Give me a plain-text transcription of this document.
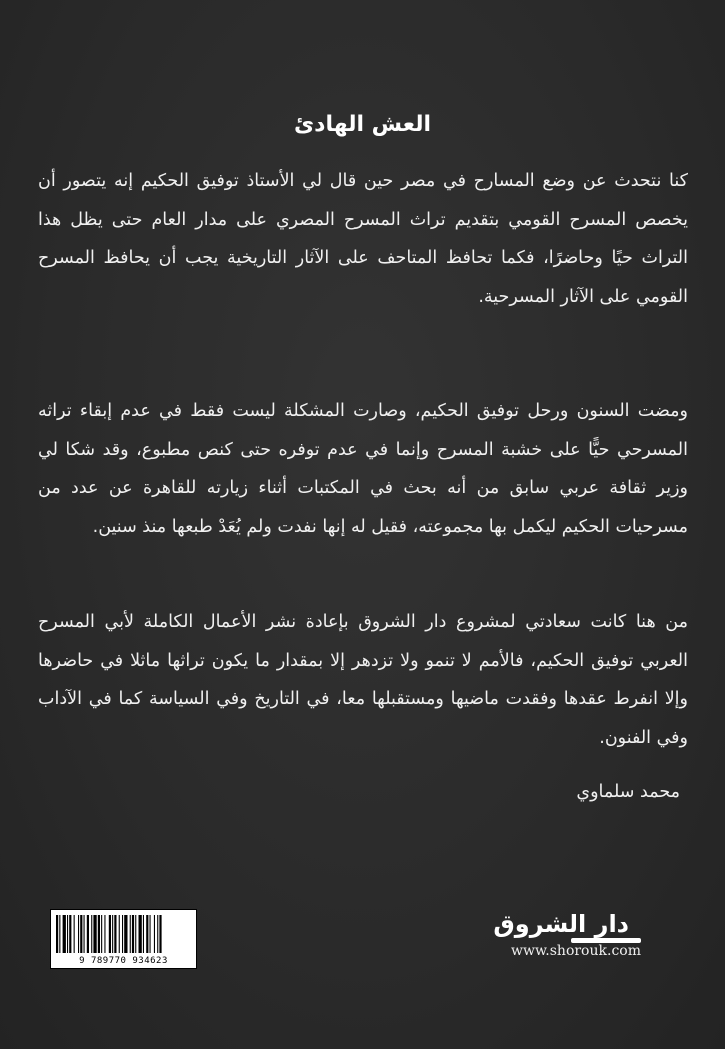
العش الهادئ
كنا نتحدث عن وضع المسارح في مصر حين قال لي الأستاذ توفيق الحكيم إنه يتصور أن يخصص المسرح القومي بتقديم تراث المسرح المصري على مدار العام حتى يظل هذا التراث حيًا وحاضرًا، فكما تحافظ المتاحف على الآثار التاريخية يجب أن يحافظ المسرح القومي على الآثار المسرحية.
ومضت السنون ورحل توفيق الحكيم، وصارت المشكلة ليست فقط في عدم إبقاء تراثه المسرحي حيًّا على خشبة المسرح وإنما في عدم توفره حتى كنص مطبوع، وقد شكا لي وزير ثقافة عربي سابق من أنه بحث في المكتبات أثناء زيارته للقاهرة عن عدد من مسرحيات الحكيم ليكمل بها مجموعته، فقيل له إنها نفدت ولم يُعَدْ طبعها منذ سنين.
من هنا كانت سعادتي لمشروع دار الشروق بإعادة نشر الأعمال الكاملة لأبي المسرح العربي توفيق الحكيم، فالأمم لا تنمو ولا تزدهر إلا بمقدار ما يكون تراثها ماثلا في حاضرها وإلا انفرط عقدها وفقدت ماضيها ومستقبلها معا، في التاريخ وفي السياسة كما في الآداب وفي الفنون.
محمد سلماوي
9 789770 934623
دار الشروق
www.shorouk.com
